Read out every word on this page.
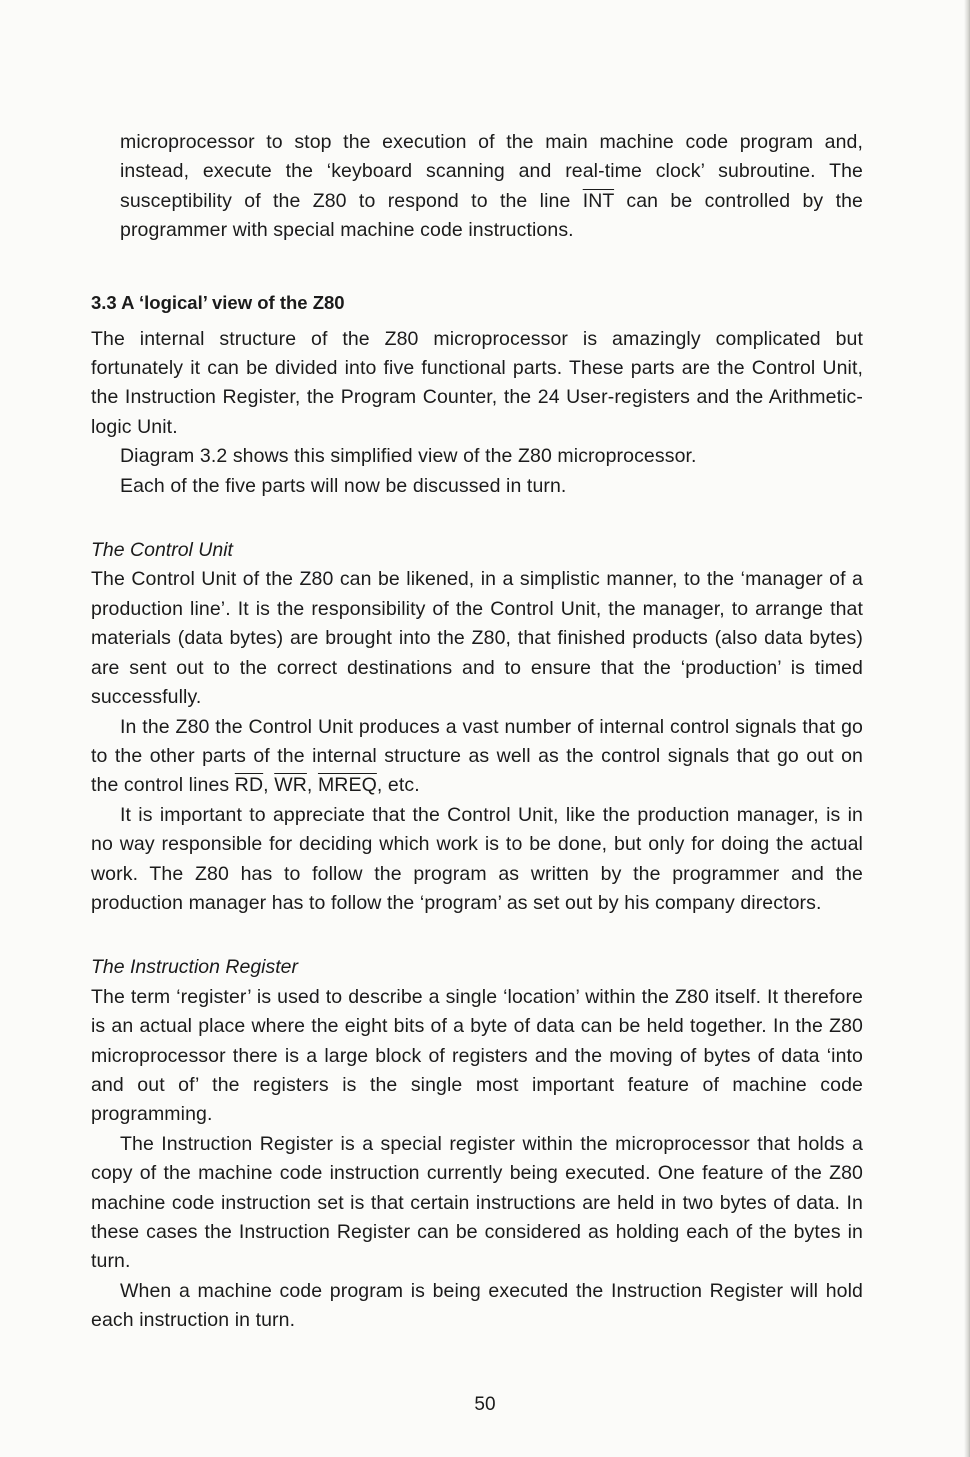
microprocessor to stop the execution of the main machine code program and, instead, execute the ‘keyboard scanning and real-time clock’ subroutine. The susceptibility of the Z80 to respond to the line $\overline{INT}$ can be controlled by the programmer with special machine code instructions.

3.3 A ‘logical’ view of the Z80

The internal structure of the Z80 microprocessor is amazingly complicated but fortunately it can be divided into five functional parts. These parts are the Control Unit, the Instruction Register, the Program Counter, the 24 User-registers and the Arithmetic-logic Unit.

Diagram 3.2 shows this simplified view of the Z80 microprocessor.

Each of the five parts will now be discussed in turn.

The Control Unit

The Control Unit of the Z80 can be likened, in a simplistic manner, to the ‘manager of a production line’. It is the responsibility of the Control Unit, the manager, to arrange that materials (data bytes) are brought into the Z80, that finished products (also data bytes) are sent out to the correct destinations and to ensure that the ‘production’ is timed successfully.

In the Z80 the Control Unit produces a vast number of internal control signals that go to the other parts of the internal structure as well as the control signals that go out on the control lines $\overline{RD}$, $\overline{WR}$, MREQ, etc.

It is important to appreciate that the Control Unit, like the production manager, is in no way responsible for deciding which work is to be done, but only for doing the actual work. The Z80 has to follow the program as written by the programmer and the production manager has to follow the ‘program’ as set out by his company directors.

The Instruction Register

The term ‘register’ is used to describe a single ‘location’ within the Z80 itself. It therefore is an actual place where the eight bits of a byte of data can be held together. In the Z80 microprocessor there is a large block of registers and the moving of bytes of data ‘into and out of’ the registers is the single most important feature of machine code programming.

The Instruction Register is a special register within the microprocessor that holds a copy of the machine code instruction currently being executed. One feature of the Z80 machine code instruction set is that certain instructions are held in two bytes of data. In these cases the Instruction Register can be considered as holding each of the bytes in turn.

When a machine code program is being executed the Instruction Register will hold each instruction in turn.

50
